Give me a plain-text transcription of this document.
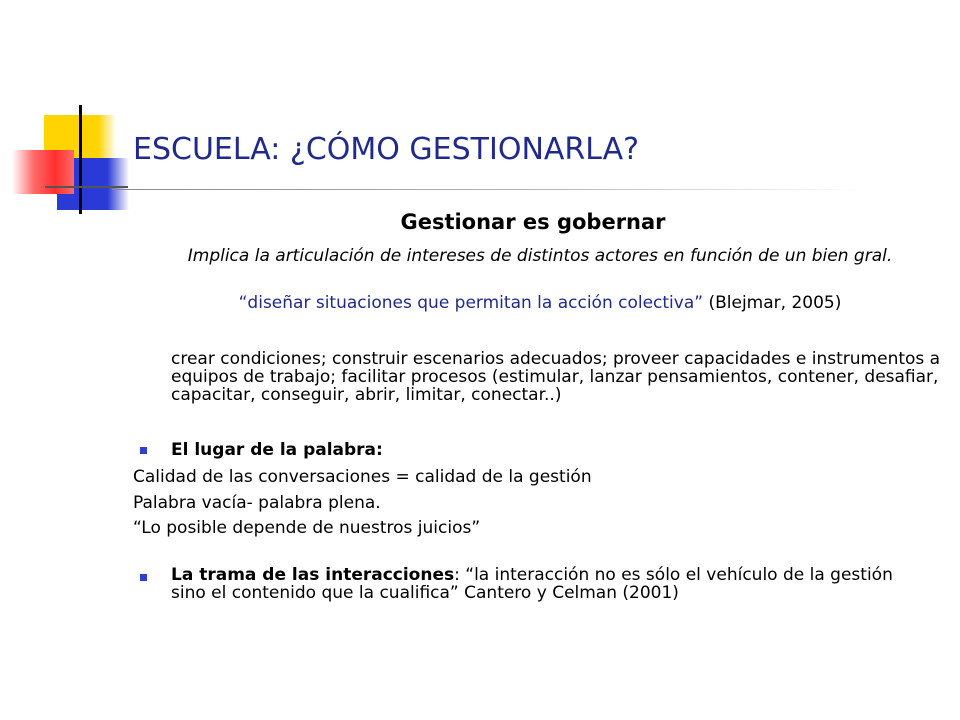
ESCUELA: ¿CÓMO GESTIONARLA?
Gestionar es gobernar
Implica la articulación de intereses de distintos actores en función de un bien gral.
“diseñar situaciones que permitan la acción colectiva” (Blejmar, 2005)
crear condiciones; construir escenarios adecuados; proveer capacidades e instrumentos a equipos de trabajo; facilitar procesos (estimular, lanzar pensamientos, contener, desafiar, capacitar, conseguir, abrir, limitar, conectar..)
El lugar de la palabra:
Calidad de las conversaciones = calidad de la gestión
Palabra vacía- palabra plena.
“Lo posible depende de nuestros juicios”
La trama de las interacciones: “la interacción no es sólo el vehículo de la gestión sino el contenido que la cualifica” Cantero y Celman (2001)
